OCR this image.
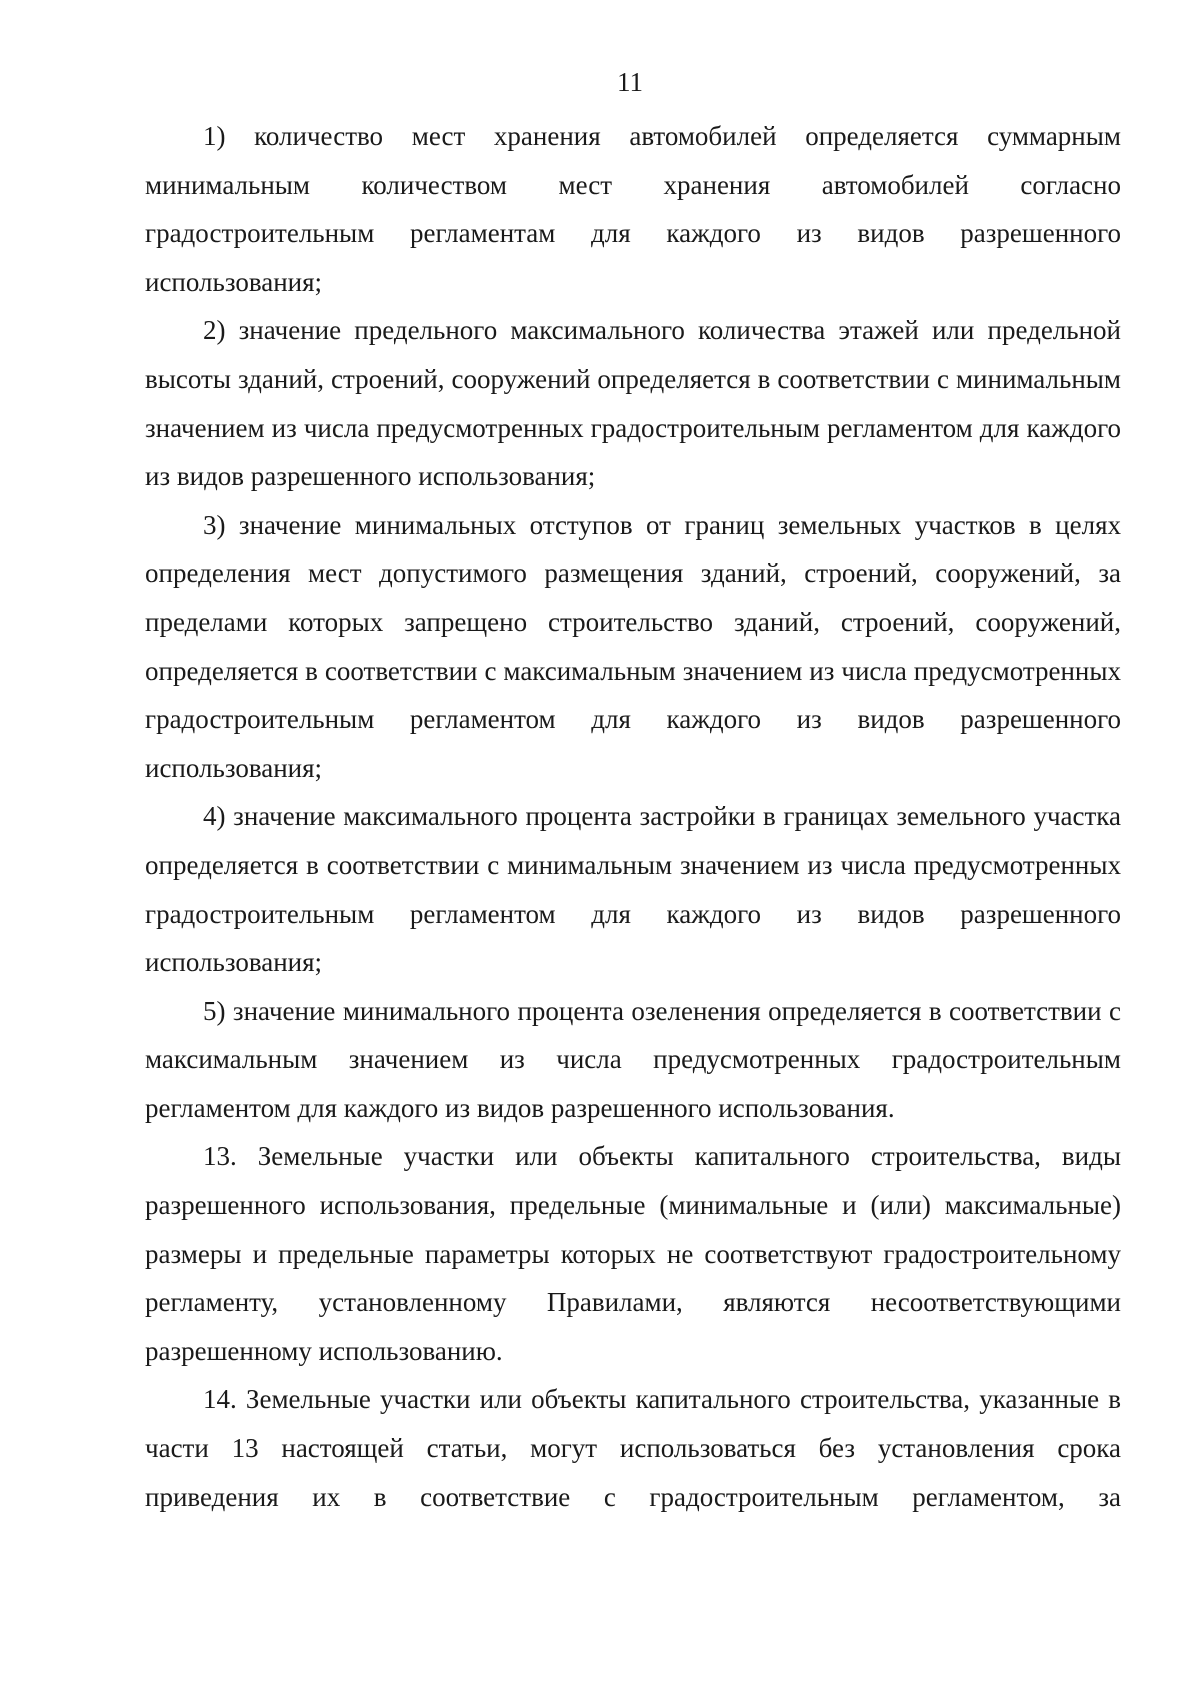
11

1) количество мест хранения автомобилей определяется суммарным минимальным количеством мест хранения автомобилей согласно градостроительным регламентам для каждого из видов разрешенного использования;

2) значение предельного максимального количества этажей или предельной высоты зданий, строений, сооружений определяется в соответствии с минимальным значением из числа предусмотренных градостроительным регламентом для каждого из видов разрешенного использования;

3) значение минимальных отступов от границ земельных участков в целях определения мест допустимого размещения зданий, строений, сооружений, за пределами которых запрещено строительство зданий, строений, сооружений, определяется в соответствии с максимальным значением из числа предусмотренных градостроительным регламентом для каждого из видов разрешенного использования;

4) значение максимального процента застройки в границах земельного участка определяется в соответствии с минимальным значением из числа предусмотренных градостроительным регламентом для каждого из видов разрешенного использования;

5) значение минимального процента озеленения определяется в соответствии с максимальным значением из числа предусмотренных градостроительным регламентом для каждого из видов разрешенного использования.

13. Земельные участки или объекты капитального строительства, виды разрешенного использования, предельные (минимальные и (или) максимальные) размеры и предельные параметры которых не соответствуют градостроительному регламенту, установленному Правилами, являются несоответствующими разрешенному использованию.

14. Земельные участки или объекты капитального строительства, указанные в части 13 настоящей статьи, могут использоваться без установления срока приведения их в соответствие с градостроительным регламентом, за
